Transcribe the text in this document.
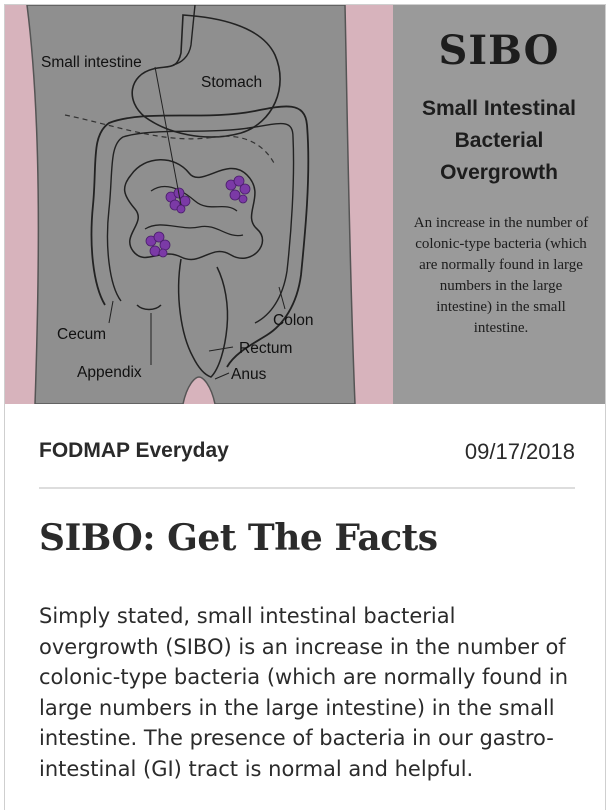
Small intestine
Stomach
Cecum
Appendix
Colon
Rectum
Anus
SIBO
Small Intestinal Bacterial Overgrowth
An increase in the number of colonic-type bacteria (which are normally found in large numbers in the large intestine) in the small intestine.
FODMAP Everyday	09/17/2018
SIBO: Get The Facts
Simply stated, small intestinal bacterial overgrowth (SIBO) is an increase in the number of colonic-type bacteria (which are normally found in large numbers in the large intestine) in the small intestine. The presence of bacteria in our gastro-intestinal (GI) tract is normal and helpful.
